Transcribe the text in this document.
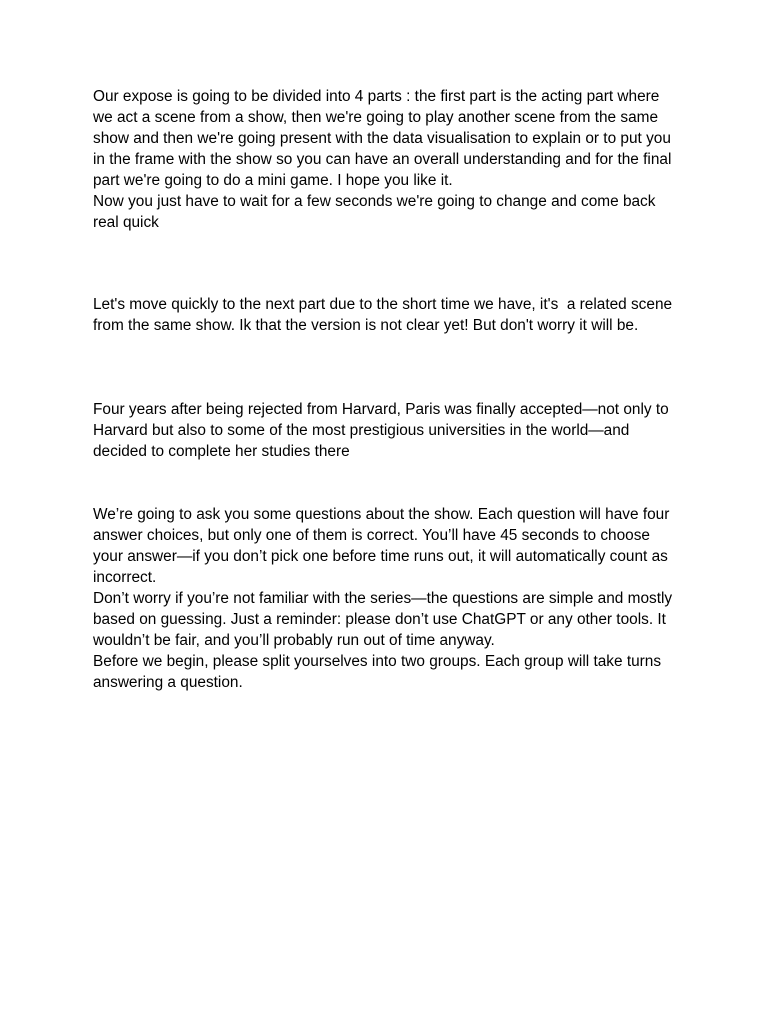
Our expose is going to be divided into 4 parts : the first part is the acting part where we act a scene from a show, then we're going to play another scene from the same show and then we're going present with the data visualisation to explain or to put you in the frame with the show so you can have an overall understanding and for the final part we're going to do a mini game. I hope you like it.

Now you just have to wait for a few seconds we're going to change and come back real quick

Let's move quickly to the next part due to the short time we have, it's  a related scene from the same show. Ik that the version is not clear yet! But don't worry it will be.

Four years after being rejected from Harvard, Paris was finally accepted—not only to Harvard but also to some of the most prestigious universities in the world—and decided to complete her studies there

We’re going to ask you some questions about the show. Each question will have four answer choices, but only one of them is correct. You’ll have 45 seconds to choose your answer—if you don’t pick one before time runs out, it will automatically count as incorrect.

Don’t worry if you’re not familiar with the series—the questions are simple and mostly based on guessing. Just a reminder: please don’t use ChatGPT or any other tools. It wouldn’t be fair, and you’ll probably run out of time anyway.

Before we begin, please split yourselves into two groups. Each group will take turns answering a question.
